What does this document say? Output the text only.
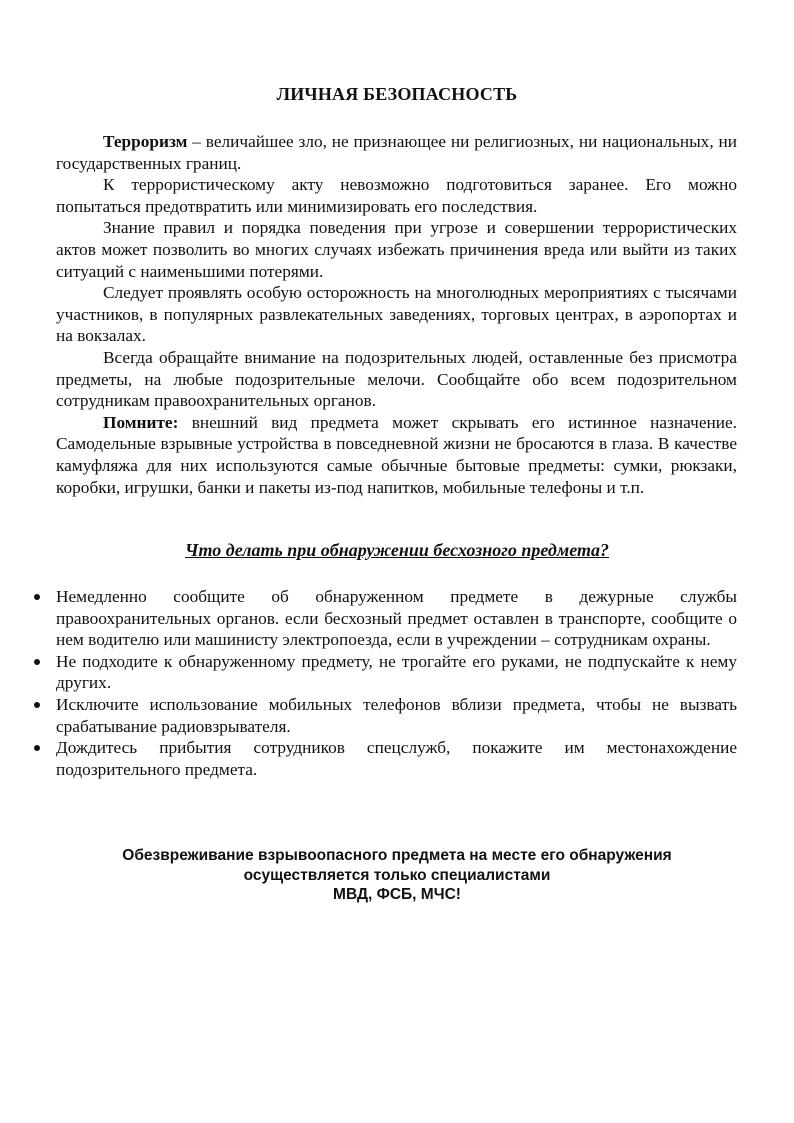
ЛИЧНАЯ БЕЗОПАСНОСТЬ

Терроризм – величайшее зло, не признающее ни религиозных, ни национальных, ни государственных границ.

К террористическому акту невозможно подготовиться заранее. Его можно попытаться предотвратить или минимизировать его последствия.

Знание правил и порядка поведения при угрозе и совершении террористических актов может позволить во многих случаях избежать причинения вреда или выйти из таких ситуаций с наименьшими потерями.

Следует проявлять особую осторожность на многолюдных мероприятиях с тысячами участников, в популярных развлекательных заведениях, торговых центрах, в аэропортах и на вокзалах.

Всегда обращайте внимание на подозрительных людей, оставленные без присмотра предметы, на любые подозрительные мелочи. Сообщайте обо всем подозрительном сотрудникам правоохранительных органов.

Помните: внешний вид предмета может скрывать его истинное назначение. Самодельные взрывные устройства в повседневной жизни не бросаются в глаза. В качестве камуфляжа для них используются самые обычные бытовые предметы: сумки, рюкзаки, коробки, игрушки, банки и пакеты из-под напитков, мобильные телефоны и т.п.

Что делать при обнаружении бесхозного предмета?
Немедленно сообщите об обнаруженном предмете в дежурные службы правоохранительных органов. если бесхозный предмет оставлен в транспорте, сообщите о нем водителю или машинисту электропоезда, если в учреждении – сотрудникам охраны.
Не подходите к обнаруженному предмету, не трогайте его руками, не подпускайте к нему других.
Исключите использование мобильных телефонов вблизи предмета, чтобы не вызвать срабатывание радиовзрывателя.
Дождитесь прибытия сотрудников спецслужб, покажите им местонахождение подозрительного предмета.
Обезвреживание взрывоопасного предмета на месте его обнаружения
осуществляется только специалистами
МВД, ФСБ, МЧС!
